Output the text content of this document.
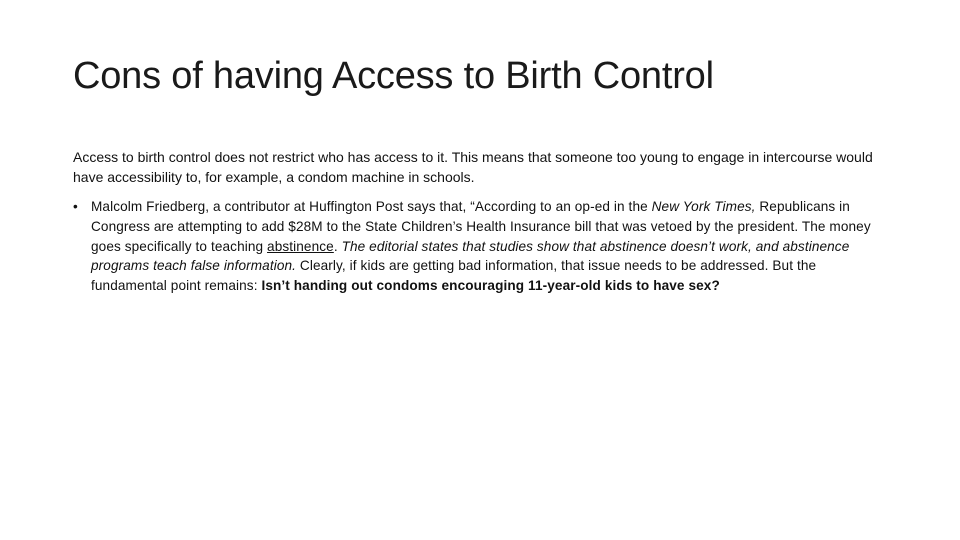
Cons of having Access to Birth Control

Access to birth control does not restrict who has access to it. This means that someone too young to engage in intercourse would have accessibility to, for example, a condom machine in schools.

• Malcolm Friedberg, a contributor at Huffington Post says that, “According to an op-ed in the New York Times, Republicans in Congress are attempting to add $28M to the State Children’s Health Insurance bill that was vetoed by the president. The money goes specifically to teaching abstinence. The editorial states that studies show that abstinence doesn’t work, and abstinence programs teach false information. Clearly, if kids are getting bad information, that issue needs to be addressed. But the fundamental point remains: Isn’t handing out condoms encouraging 11-year-old kids to have sex?
